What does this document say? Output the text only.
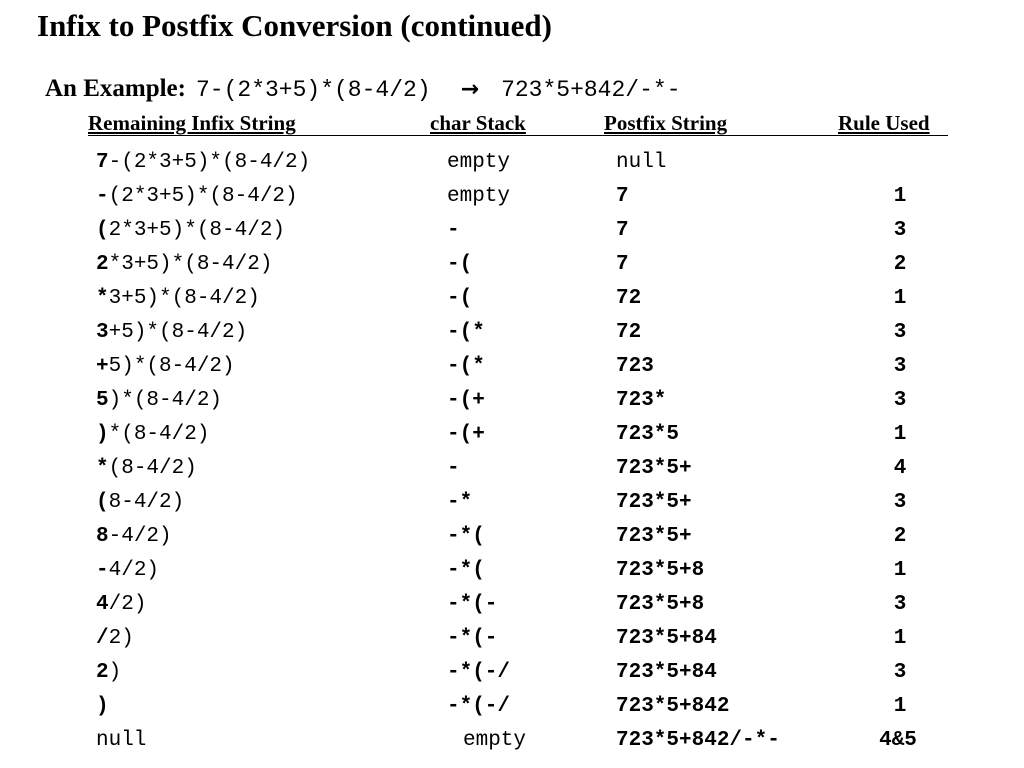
Infix to Postfix Conversion (continued)
An Example: 7-(2*3+5)*(8-4/2) → 723*5+842/-*-
Remaining Infix String	char Stack	Postfix String	Rule Used
7-(2*3+5)*(8-4/2)	empty	null
-(2*3+5)*(8-4/2)	empty	7	1
(2*3+5)*(8-4/2)	-	7	3
2*3+5)*(8-4/2)	-(	7	2
*3+5)*(8-4/2)	-(	72	1
3+5)*(8-4/2)	-(*	72	3
+5)*(8-4/2)	-(*	723	3
5)*(8-4/2)	-(+	723*	3
)*(8-4/2)	-(+	723*5	1
*(8-4/2)	-	723*5+	4
(8-4/2)	-*	723*5+	3
8-4/2)	-*(	723*5+	2
-4/2)	-*(	723*5+8	1
4/2)	-*(-	723*5+8	3
/2)	-*(-	723*5+84	1
2)	-*(-/	723*5+84	3
)	-*(-/	723*5+842	1
null	empty	723*5+842/-*-	4&5
